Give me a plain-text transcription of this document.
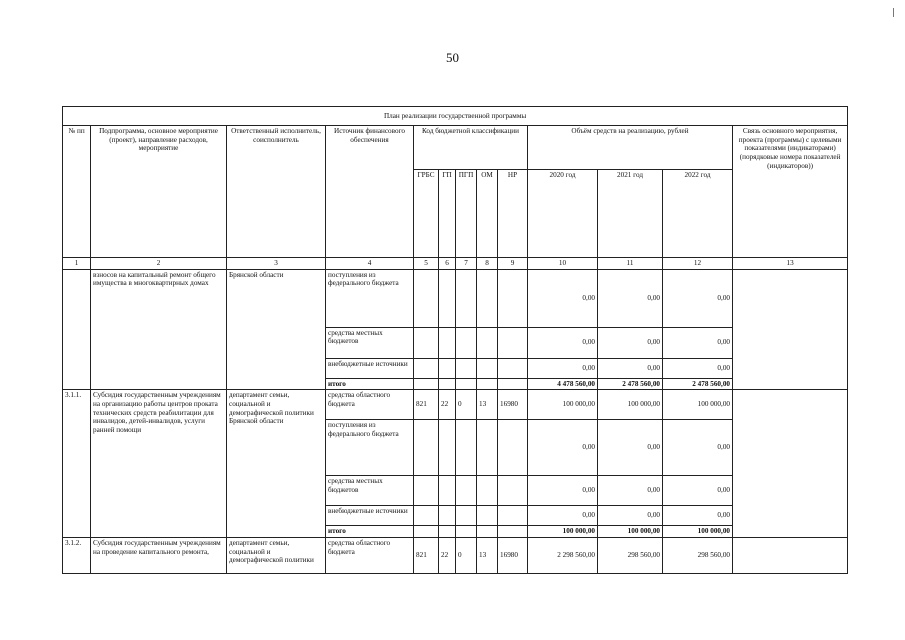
50
План реализации государственной программы												
№ пп	Подпрограмма, основное мероприятие (проект), направление расходов, мероприятие	Ответственный исполнитель, соисполнитель	Источник финансового обеспечения	Код бюджетной классификации					Объём средств на реализацию, рублей			Связь основного мероприятия, проекта (программы) с целевыми показателями (индикаторами) (порядковые номера показателей (индикаторов))
				ГРБС	ГП	ПГП	ОМ	НР	2020 год	2021 год	2022 год	
1	2	3	4	5	6	7	8	9	10	11	12	13
	взносов на капитальный ремонт общего имущества в многоквартирных домах	Брянской области	поступления из федерального бюджета						0,00	0,00	0,00	
			средства местных бюджетов						0,00	0,00	0,00	
			внебюджетные источники						0,00	0,00	0,00	
			итого						4 478 560,00	2 478 560,00	2 478 560,00	
3.1.1.	Субсидия государственным учреждениям на организацию работы центров проката технических средств реабилитации для инвалидов, детей-инвалидов, услуги ранней помощи	департамент семьи, социальной и демографической политики Брянской области	средства областного бюджета	821	22	0	13	16980	100 000,00	100 000,00	100 000,00	
			поступления из федерального бюджета						0,00	0,00	0,00	
			средства местных бюджетов						0,00	0,00	0,00	
			внебюджетные источники						0,00	0,00	0,00	
			итого						100 000,00	100 000,00	100 000,00	
3.1.2.	Субсидия государственным учреждениям на проведение капитального ремонта,	департамент семьи, социальной и демографической политики	средства областного бюджета	821	22	0	13	16980	2 298 560,00	298 560,00	298 560,00	
